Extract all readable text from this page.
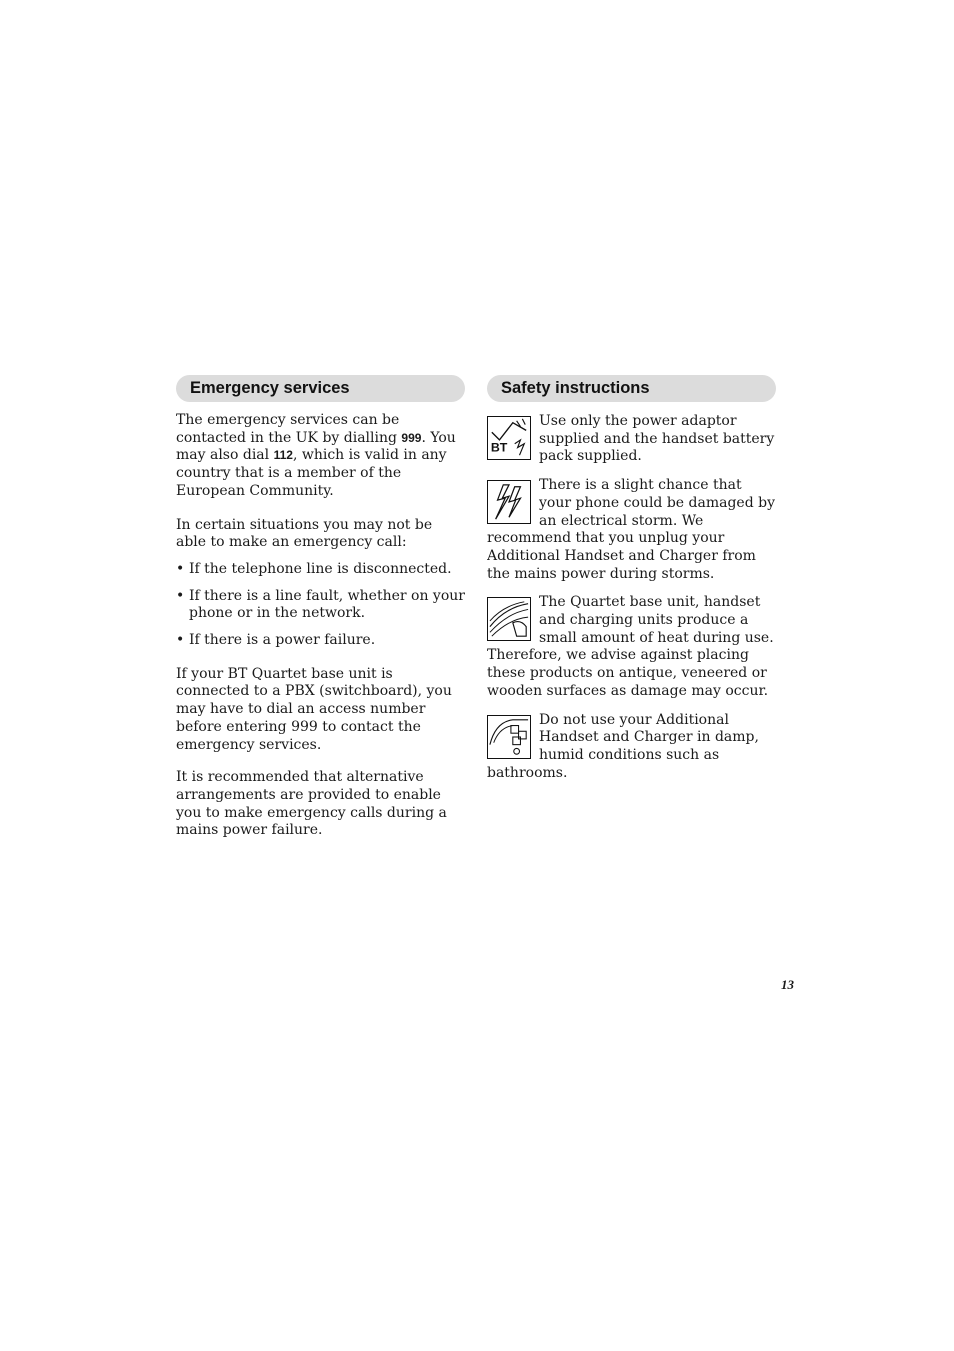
Emergency services

The emergency services can be contacted in the UK by dialling 999. You may also dial 112, which is valid in any country that is a member of the European Community.

In certain situations you may not be able to make an emergency call:

• If the telephone line is disconnected.
• If there is a line fault, whether on your phone or in the network.
• If there is a power failure.

If your BT Quartet base unit is connected to a PBX (switchboard), you may have to dial an access number before entering 999 to contact the emergency services.

It is recommended that alternative arrangements are provided to enable you to make emergency calls during a mains power failure.

Safety instructions
BT

Use only the power adaptor supplied and the handset battery pack supplied.

There is a slight chance that your phone could be damaged by an electrical storm. We recommend that you unplug your Additional Handset and Charger from the mains power during storms.

The Quartet base unit, handset and charging units produce a small amount of heat during use. Therefore, we advise against placing these products on antique, veneered or wooden surfaces as damage may occur.

Do not use your Additional Handset and Charger in damp, humid conditions such as bathrooms.

13
